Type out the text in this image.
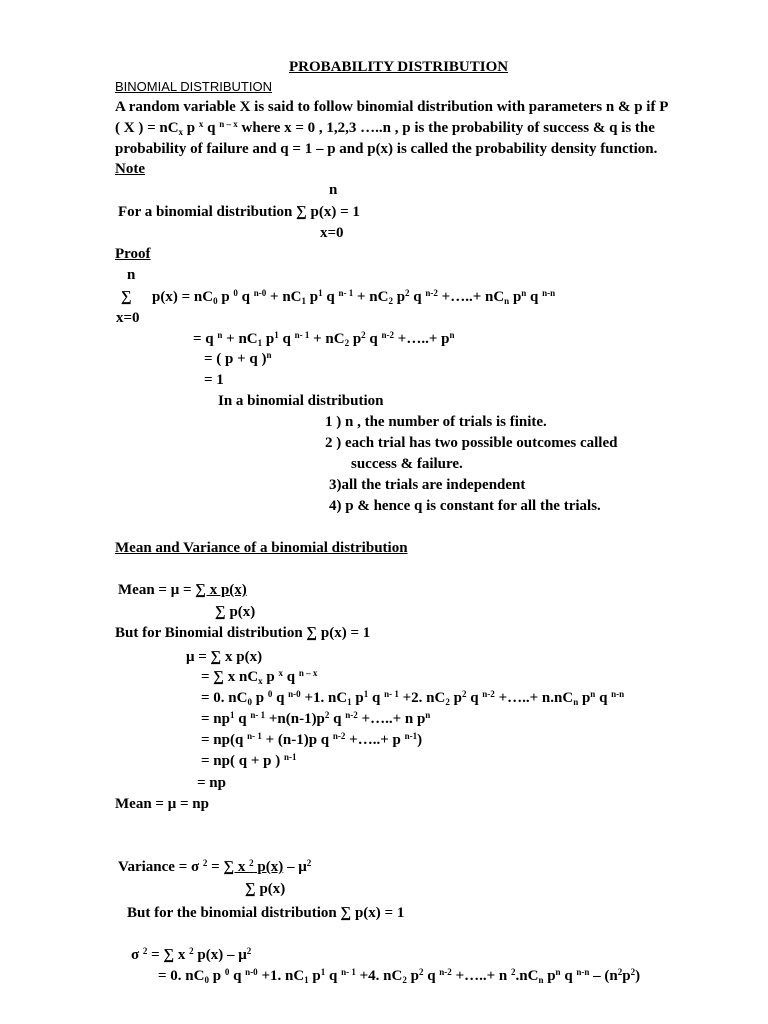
PROBABILITY DISTRIBUTION
BINOMIAL DISTRIBUTION
A random variable X is said to follow binomial distribution with parameters n & p if P
( X ) = $nC_x$ p $^x$ q $^{n - x}$ where x = 0 , 1,2,3 …..n , p is the probability of success & q is the
probability of failure and q = 1 – p and p(x) is called the probability density function.
Note
n
For a binomial distribution ∑ p(x) = 1
x=0
Proof
n
∑ $p(x) = nC_0$ p $^0$ q $^{n-0} + nC_1$ $p^1$ q $^{n- 1} + nC_2$ $p^2$ q $^{n-2}$ +…..+ $nC_n$ $p^n$ q $^{n-n}$
x=0
= q $^n + nC_1$ $p^1$ q $^{n- 1} + nC_2$ $p^2$ q $^{n-2}$ +…..+ $p^n$
= ( p + q )$^n$
= 1
In a binomial distribution
1 ) n , the number of trials is finite.
2 ) each trial has two possible outcomes called
success & failure.
3)all the trials are independent
4) p & hence q is constant for all the trials.
Mean and Variance of a binomial distribution
Mean = μ = ∑ x p(x)
∑ p(x)
But for Binomial distribution ∑ p(x) = 1
μ = ∑ x p(x)
= ∑ x $nC_x$ p $^x$ q $^{n - x}$
= 0. $nC_0$ p $^0$ q $^{n-0}$ +1. $nC_1$ $p^1$ q $^{n- 1}$ +2. $nC_2$ $p^2$ q $^{n-2}$ +…..+ $n.nC_n$ $p^n$ q $^{n-n}$
= $np^1$ q $^{n- 1} +n(n-1)p^2$ q $^{n-2}$ +…..+ n $p^n$
= np(q $^{n- 1}$ + (n-1)p q $^{n-2}$ +…..+ p $^{n-1}$)
= np( q + p ) $^{n-1}$
= np
Mean = μ = np
Variance = σ $^2$ = ∑ x $^2$ $p(x) - \mu^2$
∑ p(x)
But for the binomial distribution ∑ p(x) = 1
σ $^2$ = ∑ x $^2$ $p(x) - \mu^2$
= 0. $nC_0$ p $^0$ q $^{n-0}$ +1. $nC_1$ $p^1$ q $^{n- 1}$ +4. $nC_2$ $p^2$ q $^{n-2}$ +…..+ n $^2.nC_n$ $p^n$ q $^{n-n} - (n^2p^2)$
